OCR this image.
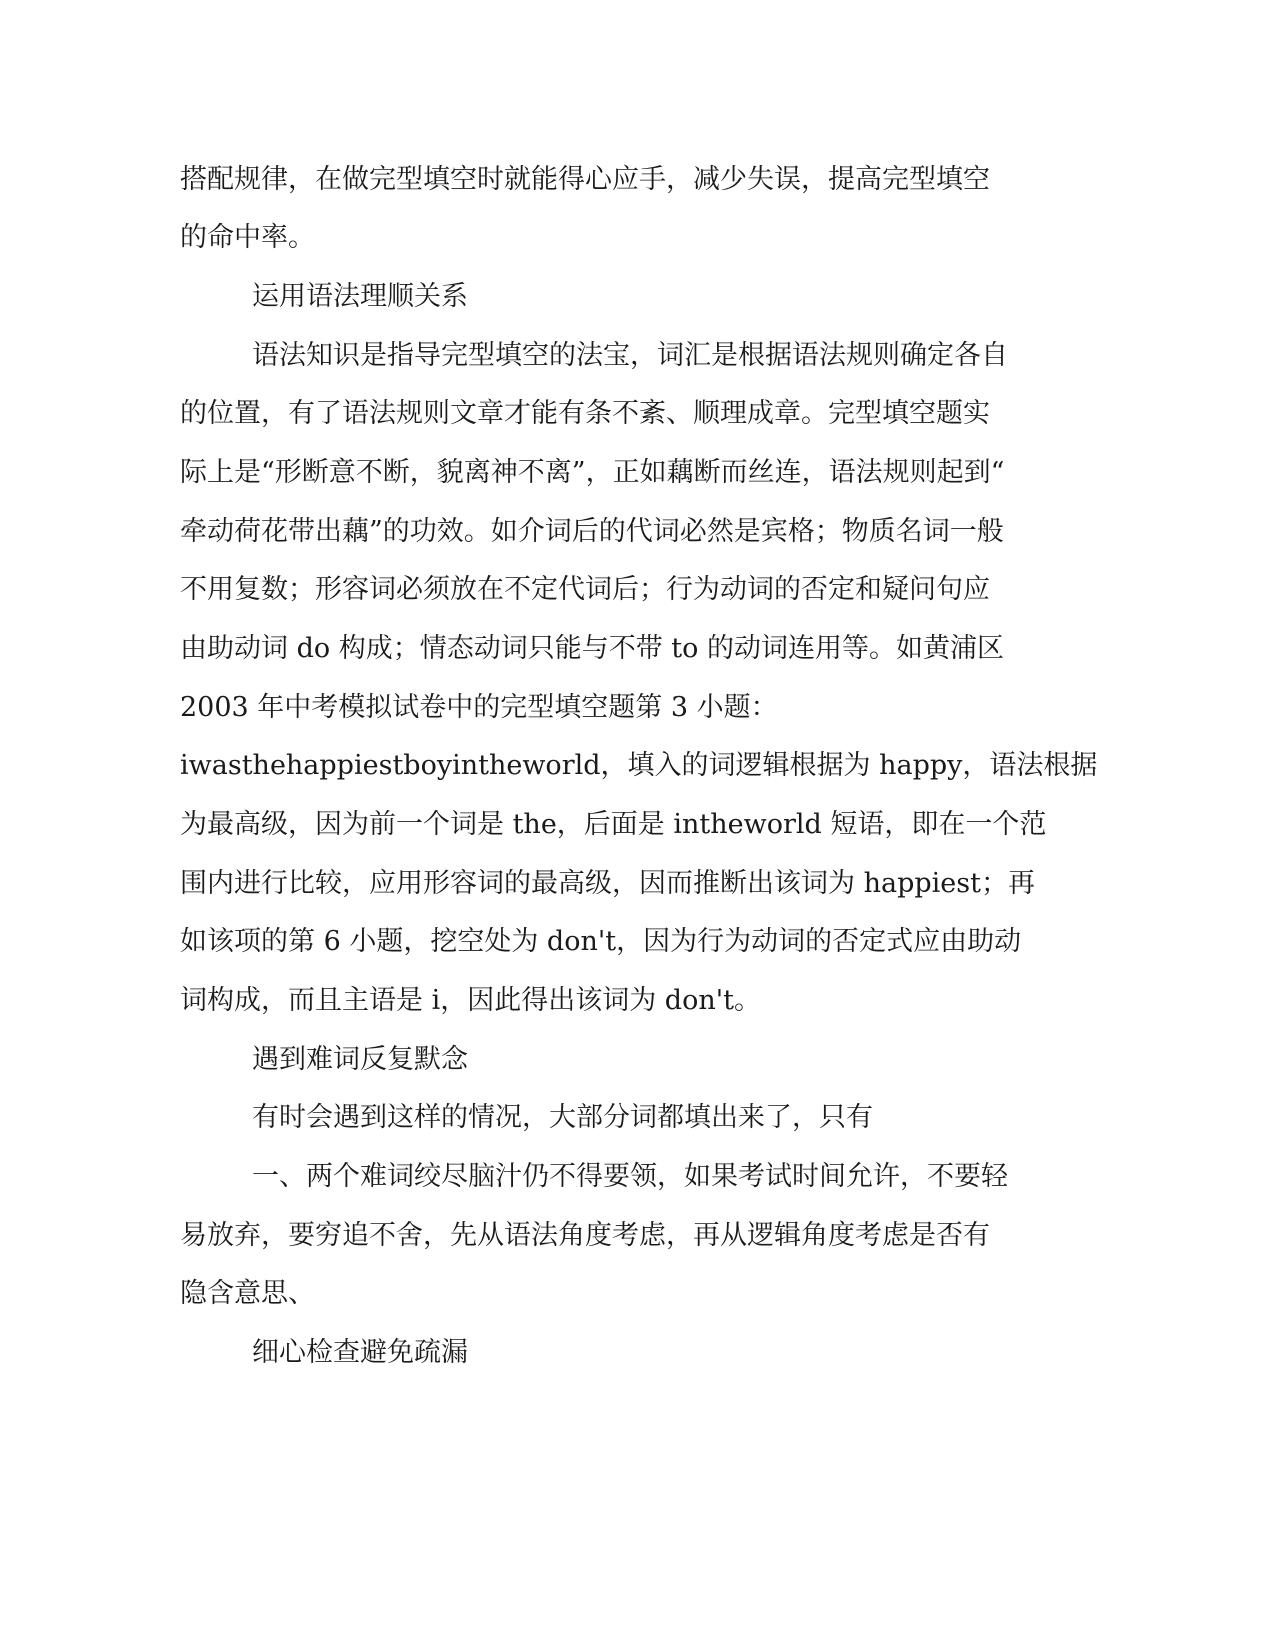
搭配规律，在做完型填空时就能得心应手，减少失误，提高完型填空
的命中率。
运用语法理顺关系
语法知识是指导完型填空的法宝，词汇是根据语法规则确定各自
的位置，有了语法规则文章才能有条不紊、顺理成章。完型填空题实
际上是“形断意不断，貌离神不离”，正如藕断而丝连，语法规则起到“
牵动荷花带出藕”的功效。如介词后的代词必然是宾格；物质名词一般
不用复数；形容词必须放在不定代词后；行为动词的否定和疑问句应
由助动词 do 构成；情态动词只能与不带 to 的动词连用等。如黄浦区
2003 年中考模拟试卷中的完型填空题第 3 小题：
iwasthehappiestboyintheworld，填入的词逻辑根据为 happy，语法根据
为最高级，因为前一个词是 the，后面是 intheworld 短语，即在一个范
围内进行比较，应用形容词的最高级，因而推断出该词为 happiest；再
如该项的第 6 小题，挖空处为 don't，因为行为动词的否定式应由助动
词构成，而且主语是 i，因此得出该词为 don't。
遇到难词反复默念
有时会遇到这样的情况，大部分词都填出来了，只有
一、两个难词绞尽脑汁仍不得要领，如果考试时间允许，不要轻
易放弃，要穷追不舍，先从语法角度考虑，再从逻辑角度考虑是否有
隐含意思、
细心检查避免疏漏
